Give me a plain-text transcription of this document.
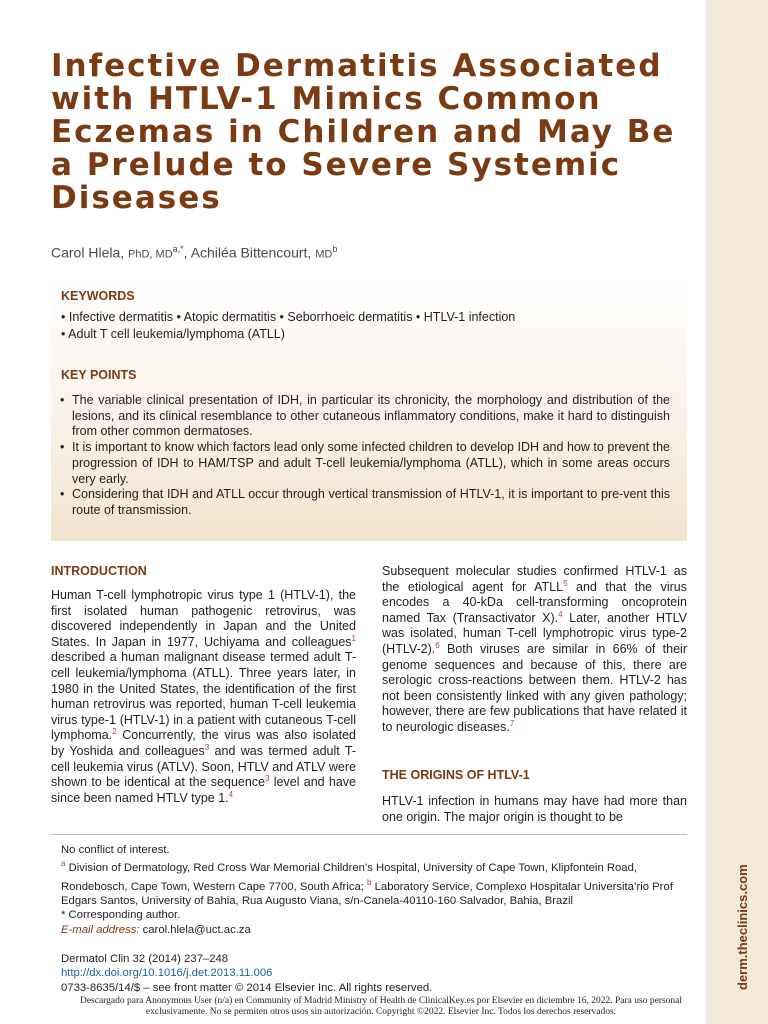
derm.theclinics.com
Infective Dermatitis Associated with HTLV-1 Mimics Common Eczemas in Children and May Be a Prelude to Severe Systemic Diseases
Carol Hlela, PhD, $MD^{a,*}$, Achiléa Bittencourt, $MD^b$
KEYWORDS
• Infective dermatitis • Atopic dermatitis • Seborrhoeic dermatitis • HTLV-1 infection
• Adult T cell leukemia/lymphoma (ATLL)
KEY POINTS
• The variable clinical presentation of IDH, in particular its chronicity, the morphology and distribution of the lesions, and its clinical resemblance to other cutaneous inflammatory conditions, make it hard to distinguish from other common dermatoses.
• It is important to know which factors lead only some infected children to develop IDH and how to prevent the progression of IDH to HAM/TSP and adult T-cell leukemia/lymphoma (ATLL), which in some areas occurs very early.
• Considering that IDH and ATLL occur through vertical transmission of HTLV-1, it is important to pre-vent this route of transmission.
INTRODUCTION

Human T-cell lymphotropic virus type 1 (HTLV-1), the first isolated human pathogenic retrovirus, was discovered independently in Japan and the United States. In Japan in 1977, Uchiyama and colleagues$^1$ described a human malignant disease termed adult T-cell leukemia/lymphoma (ATLL). Three years later, in 1980 in the United States, the identification of the first human retrovirus was reported, human T-cell leukemia virus type-1 (HTLV-1) in a patient with cutaneous T-cell lymphoma.$^2$ Concurrently, the virus was also isolated by Yoshida and colleagues$^3$ and was termed adult T-cell leukemia virus (ATLV). Soon, HTLV and ATLV were shown to be identical at the sequence$^3$ level and have since been named HTLV type 1.$^4$

Subsequent molecular studies confirmed HTLV-1 as the etiological agent for ATLL$^5$ and that the virus encodes a 40-kDa cell-transforming oncoprotein named Tax (Transactivator X).$^4$ Later, another HTLV was isolated, human T-cell lymphotropic virus type-2 (HTLV-2).$^6$ Both viruses are similar in 66% of their genome sequences and because of this, there are serologic cross-reactions between them. HTLV-2 has not been consistently linked with any given pathology; however, there are few publications that have related it to neurologic diseases.$^7$

THE ORIGINS OF HTLV-1

HTLV-1 infection in humans may have had more than one origin. The major origin is thought to be

No conflict of interest.
$^a$ Division of Dermatology, Red Cross War Memorial Children’s Hospital, University of Cape Town, Klipfontein Road, Rondebosch, Cape Town, Western Cape 7700, South Africa; $^b$ Laboratory Service, Complexo Hospitalar Universita’rio Prof Edgars Santos, University of Bahia, Rua Augusto Viana, s/n-Canela-40110-160 Salvador, Bahia, Brazil
* Corresponding author.
E-mail address: carol.hlela@uct.ac.za

Dermatol Clin 32 (2014) 237–248
http://dx.doi.org/10.1016/j.det.2013.11.006
0733-8635/14/$ – see front matter © 2014 Elsevier Inc. All rights reserved.

Descargado para Anonymous User (n/a) en Community of Madrid Ministry of Health de ClinicalKey.es por Elsevier en diciembre 16, 2022. Para uso personal exclusivamente. No se permiten otros usos sin autorización. Copyright ©2022. Elsevier Inc. Todos los derechos reservados.
